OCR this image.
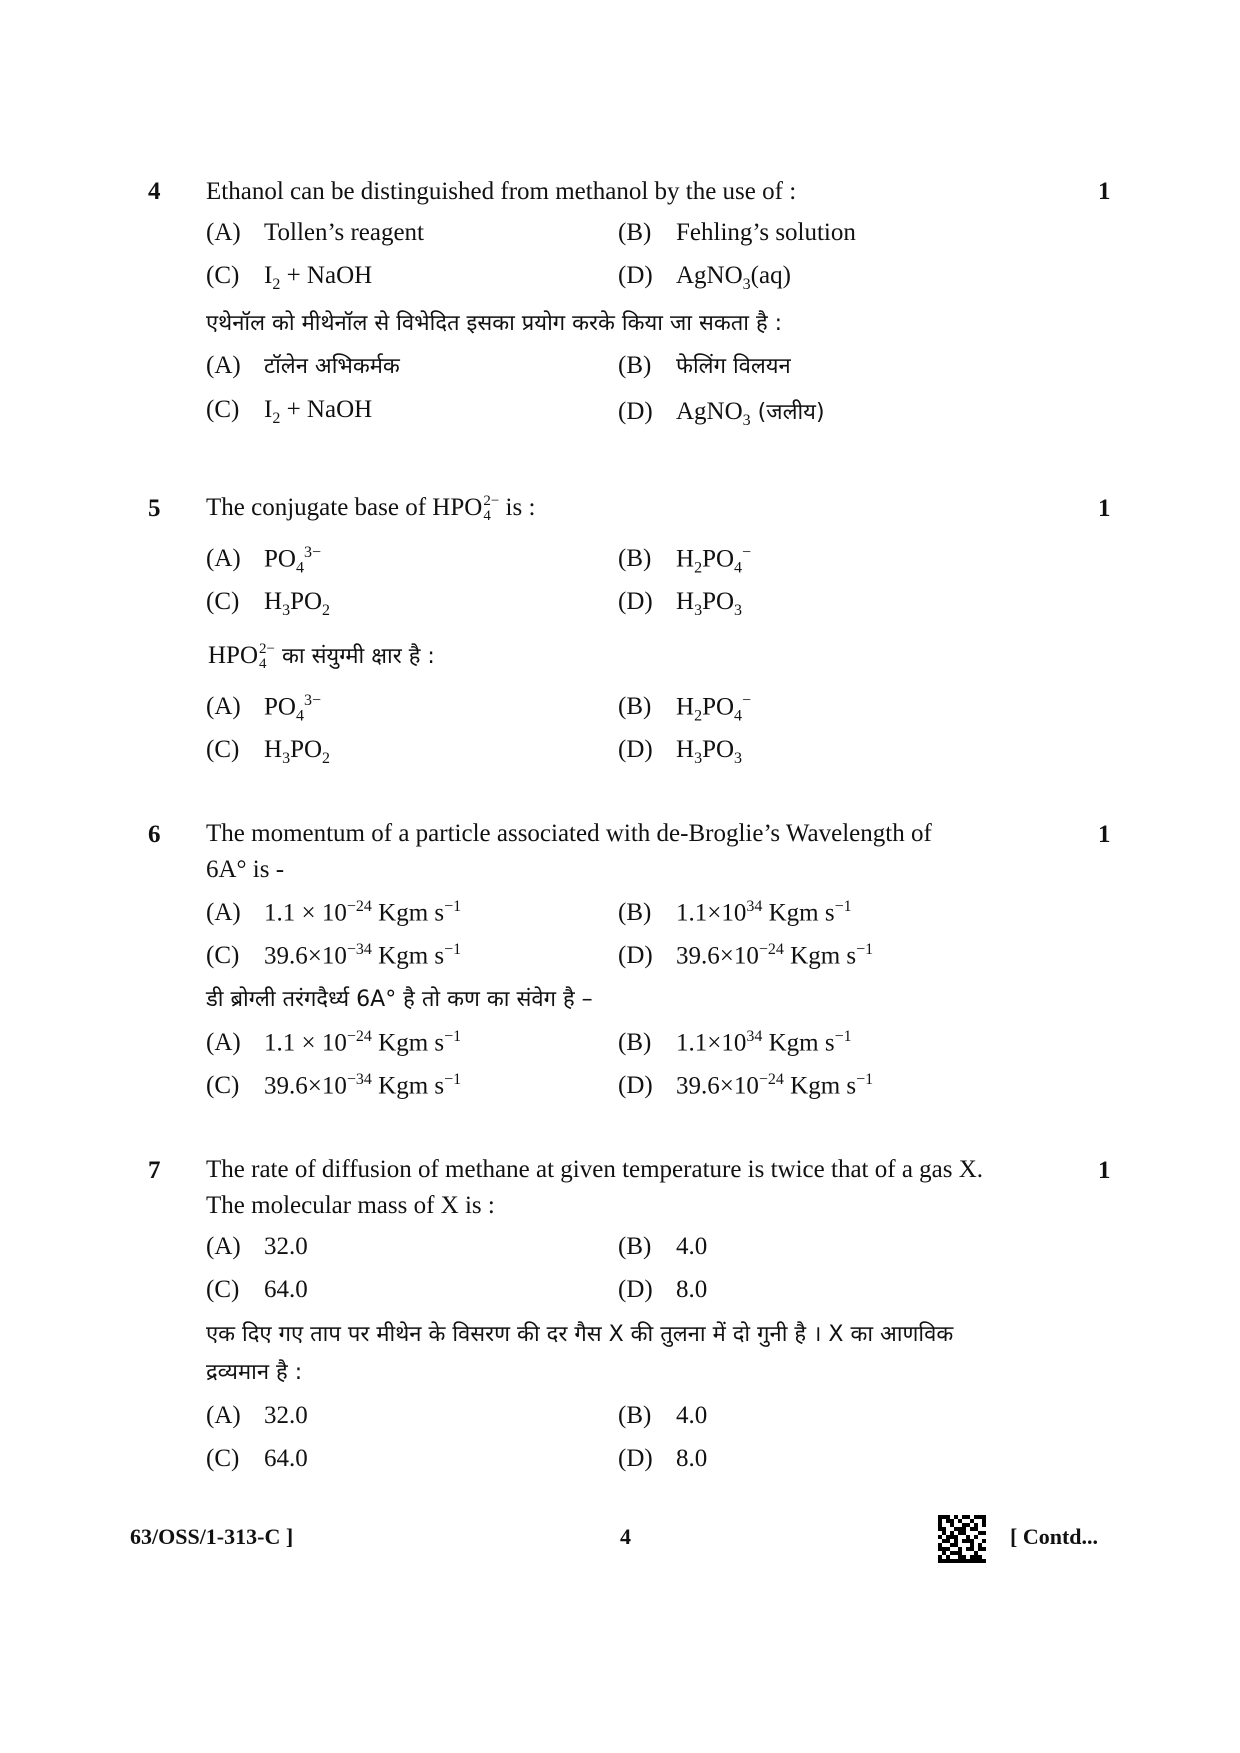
4	1
Ethanol can be distinguished from methanol by the use of :
(A) Tollen’s reagent	(B) Fehling’s solution
(C) $I_2$ + NaOH	(D) AgNO$_3$(aq)
एथेनॉल को मीथेनॉल से विभेदित इसका प्रयोग करके किया जा सकता है :
(A) टॉलेन अभिकर्मक	(B) फेलिंग विलयन
(C) $I_2$ + NaOH	(D) AgNO$_3$ (जलीय)
5	1
The conjugate base of HPO 2−
4 is :
(A) $PO_4^{3-}$	(B) $H_2PO_4^-$
(C) $H_3PO_2$	(D) $H_3PO_3$
HPO 2−
4 का संयुग्मी क्षार है :
(A) $PO_4^{3-}$	(B) $H_2PO_4^-$
(C) $H_3PO_2$	(D) $H_3PO_3$
6	1
The momentum of a particle associated with de-Broglie’s Wavelength of
6A° is -
(A) $1.1 \times 10^{-24}$ Kgm $s^{-1}$	(B) $1.1\times 10^{34}$ Kgm $s^{-1}$
(C) $39.6\times 10^{-34}$ Kgm $s^{-1}$	(D) $39.6\times 10^{-24}$ Kgm $s^{-1}$
डी ब्रोग्ली तरंगदैर्ध्य 6A° है तो कण का संवेग है –
(A) $1.1 \times 10^{-24}$ Kgm $s^{-1}$	(B) $1.1\times 10^{34}$ Kgm $s^{-1}$
(C) $39.6\times 10^{-34}$ Kgm $s^{-1}$	(D) $39.6\times 10^{-24}$ Kgm $s^{-1}$
7	1
The rate of diffusion of methane at given temperature is twice that of a gas X.
The molecular mass of X is :
(A) 32.0	(B) 4.0
(C) 64.0	(D) 8.0
एक दिए गए ताप पर मीथेन के विसरण की दर गैस X की तुलना में दो गुनी है । X का आणविक
द्रव्यमान है :
(A) 32.0	(B) 4.0
(C) 64.0	(D) 8.0
63/OSS/1-313-C ]	4	[ Contd...
